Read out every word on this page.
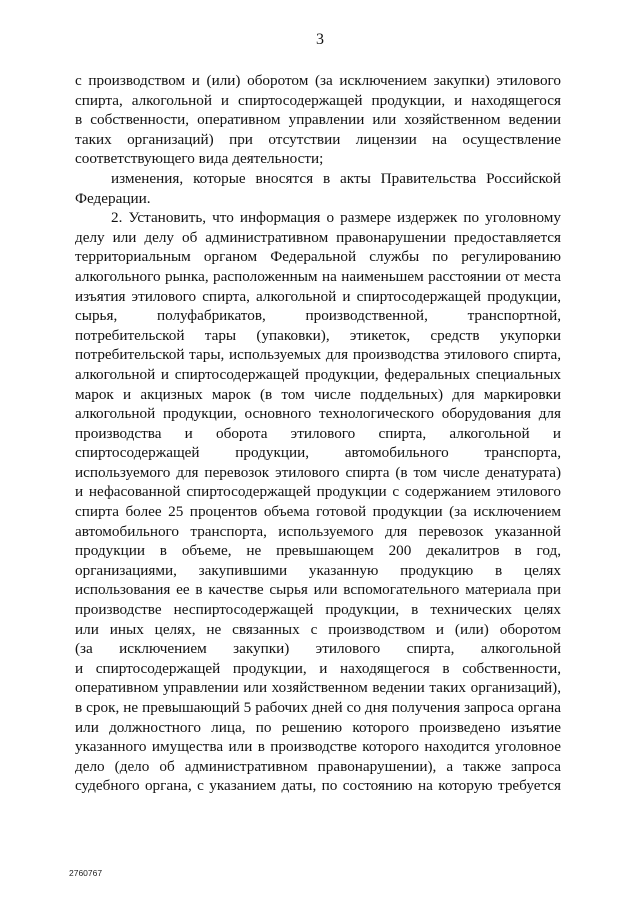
3
с производством и (или) оборотом (за исключением закупки) этилового
спирта, алкогольной и спиртосодержащей продукции, и находящегося
в собственности, оперативном управлении или хозяйственном ведении
таких организаций) при отсутствии лицензии на осуществление
соответствующего вида деятельности;
изменения, которые вносятся в акты Правительства Российской
Федерации.
2. Установить, что информация о размере издержек по уголовному
делу или делу об административном правонарушении предоставляется
территориальным органом Федеральной службы по регулированию
алкогольного рынка, расположенным на наименьшем расстоянии от места
изъятия этилового спирта, алкогольной и спиртосодержащей продукции,
сырья, полуфабрикатов, производственной, транспортной,
потребительской тары (упаковки), этикеток, средств укупорки
потребительской тары, используемых для производства этилового спирта,
алкогольной и спиртосодержащей продукции, федеральных специальных
марок и акцизных марок (в том числе поддельных) для маркировки
алкогольной продукции, основного технологического оборудования для
производства и оборота этилового спирта, алкогольной и
спиртосодержащей продукции, автомобильного транспорта,
используемого для перевозок этилового спирта (в том числе денатурата)
и нефасованной спиртосодержащей продукции с содержанием этилового
спирта более 25 процентов объема готовой продукции (за исключением
автомобильного транспорта, используемого для перевозок указанной
продукции в объеме, не превышающем 200 декалитров в год,
организациями, закупившими указанную продукцию в целях
использования ее в качестве сырья или вспомогательного материала при
производстве неспиртосодержащей продукции, в технических целях
или иных целях, не связанных с производством и (или) оборотом
(за исключением закупки) этилового спирта, алкогольной
и спиртосодержащей продукции, и находящегося в собственности,
оперативном управлении или хозяйственном ведении таких организаций),
в срок, не превышающий 5 рабочих дней со дня получения запроса органа
или должностного лица, по решению которого произведено изъятие
указанного имущества или в производстве которого находится уголовное
дело (дело об административном правонарушении), а также запроса
судебного органа, с указанием даты, по состоянию на которую требуется
2760767
